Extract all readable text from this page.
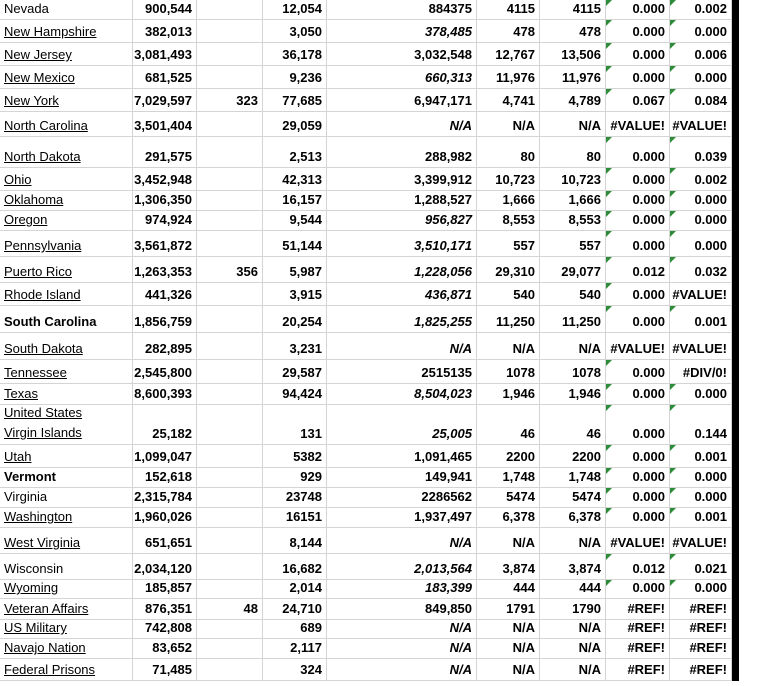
Nevada	900,544	12,054	884375	4115	4115 0.000 0.002
New Hampshire	382,013	3,050	378,485	478	478 0.000 0.000
New Jersey	3,081,493	36,178	3,032,548 12,767 13,506 0.000 0.006
New Mexico	681,525	9,236	660,313 11,976 11,976 0.000 0.000
New York	7,029,597	323 77,685	6,947,171 4,741	4,789 0.067 0.084
North Carolina	3,501,404	29,059	N/A	N/A	N/A #VALUE! #VALUE!
North Dakota	291,575	2,513	288,982	80	80 0.000 0.039
Ohio	3,452,948	42,313	3,399,912 10,723 10,723 0.000 0.002
Oklahoma	1,306,350	16,157	1,288,527 1,666	1,666 0.000 0.000
Oregon	974,924	9,544	956,827 8,553	8,553 0.000 0.000
Pennsylvania	3,561,872	51,144	3,510,171	557	557 0.000 0.000
Puerto Rico	1,263,353	356 5,987	1,228,056 29,310 29,077 0.012 0.032
Rhode Island	441,326	3,915	436,871	540	540 0.000 #VALUE!
South Carolina	1,856,759	20,254	1,825,255 11,250 11,250 0.000 0.001
South Dakota	282,895	3,231	N/A	N/A	N/A #VALUE! #VALUE!
Tennessee	2,545,800	29,587	2515135	1078	1078 0.000 #DIV/0!
Texas	8,600,393	94,424	8,504,023 1,946	1,946 0.000 0.000
United States
Virgin Islands	25,182	131	25,005	46	46 0.000 0.144
Utah	1,099,047	5382	1,091,465	2200	2200 0.000 0.001
Vermont	152,618	929	149,941 1,748	1,748 0.000 0.000
Virginia	2,315,784	23748	2286562	5474	5474 0.000 0.000
Washington	1,960,026	16151	1,937,497 6,378	6,378 0.000 0.001
West Virginia	651,651	8,144	N/A	N/A	N/A #VALUE! #VALUE!
Wisconsin	2,034,120	16,682	2,013,564 3,874	3,874 0.012 0.021
Wyoming	185,857	2,014	183,399	444	444 0.000 0.000
Veteran Affairs	876,351	48 24,710	849,850	1791	1790 #REF! #REF!
US Military	742,808	689	N/A	N/A	N/A #REF! #REF!
Navajo Nation	83,652	2,117	N/A	N/A	N/A #REF! #REF!
Federal Prisons	71,485	324	N/A	N/A	N/A #REF! #REF!
